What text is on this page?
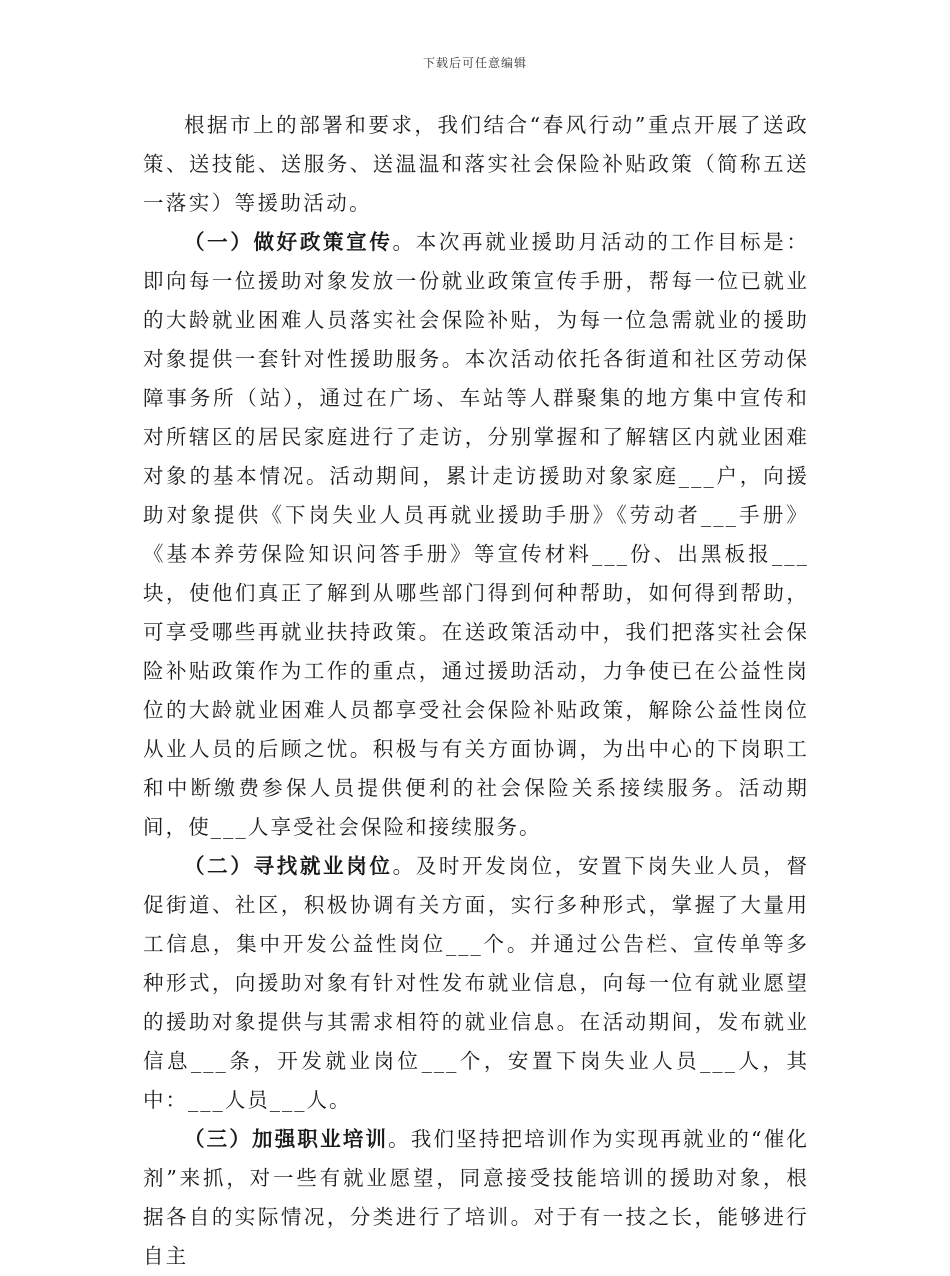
下载后可任意编辑

根据市上的部署和要求，我们结合“春风行动”重点开展了送政策、送技能、送服务、送温温和落实社会保险补贴政策（简称五送一落实）等援助活动。

（一）做好政策宣传。本次再就业援助月活动的工作目标是：即向每一位援助对象发放一份就业政策宣传手册，帮每一位已就业的大龄就业困难人员落实社会保险补贴，为每一位急需就业的援助对象提供一套针对性援助服务。本次活动依托各街道和社区劳动保障事务所（站），通过在广场、车站等人群聚集的地方集中宣传和对所辖区的居民家庭进行了走访，分别掌握和了解辖区内就业困难对象的基本情况。活动期间，累计走访援助对象家庭___户，向援助对象提供《下岗失业人员再就业援助手册》《劳动者___手册》《基本养劳保险知识问答手册》等宣传材料___份、出黑板报___块，使他们真正了解到从哪些部门得到何种帮助，如何得到帮助，可享受哪些再就业扶持政策。在送政策活动中，我们把落实社会保险补贴政策作为工作的重点，通过援助活动，力争使已在公益性岗位的大龄就业困难人员都享受社会保险补贴政策，解除公益性岗位从业人员的后顾之忧。积极与有关方面协调，为出中心的下岗职工和中断缴费参保人员提供便利的社会保险关系接续服务。活动期间，使___人享受社会保险和接续服务。

（二）寻找就业岗位。及时开发岗位，安置下岗失业人员，督促街道、社区，积极协调有关方面，实行多种形式，掌握了大量用工信息，集中开发公益性岗位___个。并通过公告栏、宣传单等多种形式，向援助对象有针对性发布就业信息，向每一位有就业愿望的援助对象提供与其需求相符的就业信息。在活动期间，发布就业信息___条，开发就业岗位___个，安置下岗失业人员___人，其中：___人员___人。

（三）加强职业培训。我们坚持把培训作为实现再就业的“催化剂”来抓，对一些有就业愿望，同意接受技能培训的援助对象，根据各自的实际情况，分类进行了培训。对于有一技之长，能够进行自主
